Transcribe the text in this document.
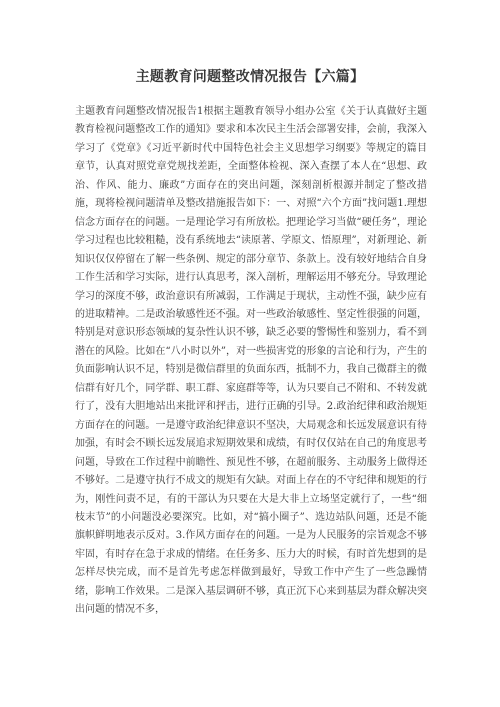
主题教育问题整改情况报告【六篇】

主题教育问题整改情况报告1根据主题教育领导小组办公室《关于认真做好主题教育检视问题整改工作的通知》要求和本次民主生活会部署安排，会前，我深入学习了《党章》《习近平新时代中国特色社会主义思想学习纲要》等规定的篇目章节，认真对照党章党规找差距，全面整体检视、深入查摆了本人在“思想、政治、作风、能力、廉政”方面存在的突出问题，深刻剖析根源并制定了整改措施，现将检视问题清单及整改措施报告如下：一、对照“六个方面”找问题1.理想信念方面存在的问题。一是理论学习有所放松。把理论学习当做“硬任务”，理论学习过程也比较粗糙，没有系统地去“读原著、学原文、悟原理”，对新理论、新知识仅仅停留在了解一些条例、规定的部分章节、条款上。没有较好地结合自身工作生活和学习实际，进行认真思考，深入剖析，理解运用不够充分。导致理论学习的深度不够，政治意识有所减弱，工作满足于现状，主动性不强，缺少应有的进取精神。二是政治敏感性还不强。对一些政治敏感性、坚定性很强的问题，特别是对意识形态领域的复杂性认识不够，缺乏必要的警惕性和鉴别力，看不到潜在的风险。比如在“八小时以外”，对一些损害党的形象的言论和行为，产生的负面影响认识不足，特别是微信群里的负面东西，抵制不力，我自己微群主的微信群有好几个，同学群、职工群、家庭群等等，认为只要自己不附和、不转发就行了，没有大胆地站出来批评和抨击，进行正确的引导。2.政治纪律和政治规矩方面存在的问题。一是遵守政治纪律意识不坚决，大局观念和长远发展意识有待加强，有时会不顾长远发展追求短期效果和成绩，有时仅仅站在自己的角度思考问题，导致在工作过程中前瞻性、预见性不够，在超前服务、主动服务上做得还不够好。二是遵守执行不成文的规矩有欠缺。对面上存在的不守纪律和规矩的行为，刚性问责不足，有的干部认为只要在大是大非上立场坚定就行了，一些“细枝末节”的小问题没必要深究。比如，对“搞小圈子”、选边站队问题，还是不能旗帜鲜明地表示反对。3.作风方面存在的问题。一是为人民服务的宗旨观念不够牢固，有时存在急于求成的情绪。在任务多、压力大的时候，有时首先想到的是怎样尽快完成，而不是首先考虑怎样做到最好，导致工作中产生了一些急躁情绪，影响工作效果。二是深入基层调研不够，真正沉下心来到基层为群众解决突出问题的情况不多，
